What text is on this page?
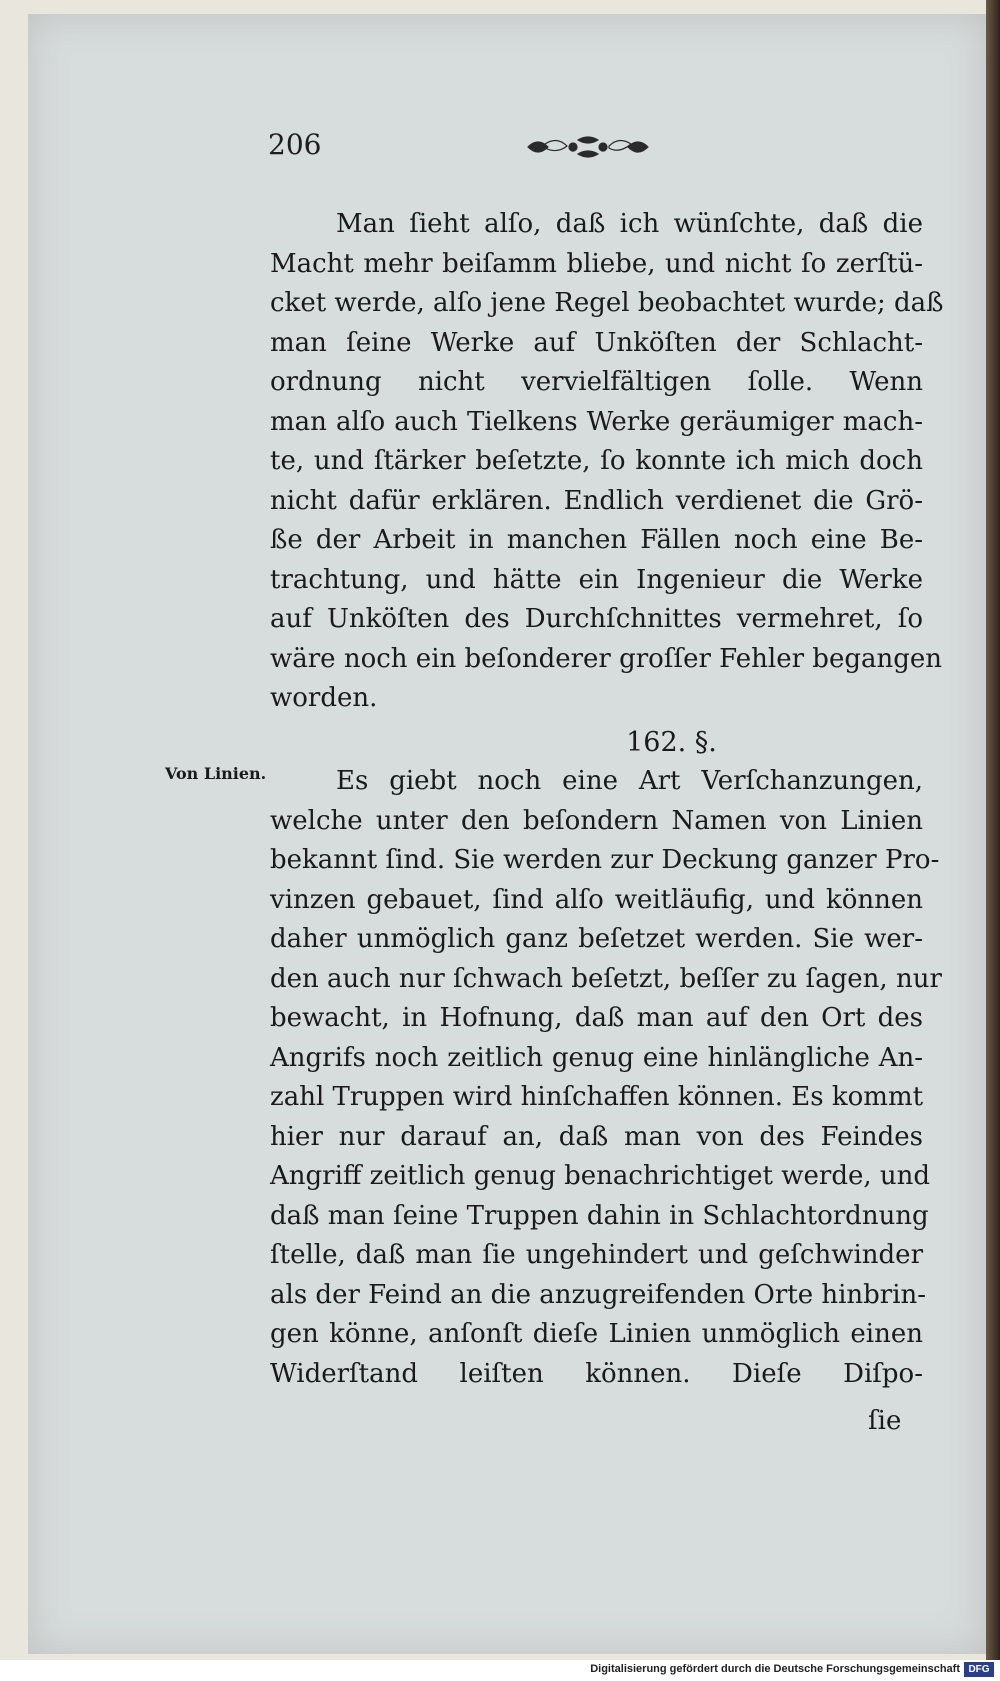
206
Von Linien.
Man ſieht alſo, daß ich wünſchte, daß die
Macht mehr beiſamm bliebe, und nicht ſo zerſtü-
cket werde, alſo jene Regel beobachtet wurde; daß
man ſeine Werke auf Unköſten der Schlacht-
ordnung nicht vervielfältigen ſolle. Wenn
man alſo auch Tielkens Werke geräumiger mach-
te, und ſtärker beſetzte, ſo konnte ich mich doch
nicht dafür erklären. Endlich verdienet die Grö-
ße der Arbeit in manchen Fällen noch eine Be-
trachtung, und hätte ein Ingenieur die Werke
auf Unköſten des Durchſchnittes vermehret, ſo
wäre noch ein beſonderer groſſer Fehler begangen
worden.
162. §.
Es giebt noch eine Art Verſchanzungen,
welche unter den beſondern Namen von Linien
bekannt ſind. Sie werden zur Deckung ganzer Pro-
vinzen gebauet, ſind alſo weitläufig, und können
daher unmöglich ganz beſetzet werden. Sie wer-
den auch nur ſchwach beſetzt, beſſer zu ſagen, nur
bewacht, in Hofnung, daß man auf den Ort des
Angrifs noch zeitlich genug eine hinlängliche An-
zahl Truppen wird hinſchaffen können. Es kommt
hier nur darauf an, daß man von des Feindes
Angriff zeitlich genug benachrichtiget werde, und
daß man ſeine Truppen dahin in Schlachtordnung
ſtelle, daß man ſie ungehindert und geſchwinder
als der Feind an die anzugreifenden Orte hinbrin-
gen könne, anſonſt dieſe Linien unmöglich einen
Widerſtand leiſten können. Dieſe Diſpo-
ſie
Digitalisierung gefördert durch die Deutsche Forschungsgemeinschaft DFG
